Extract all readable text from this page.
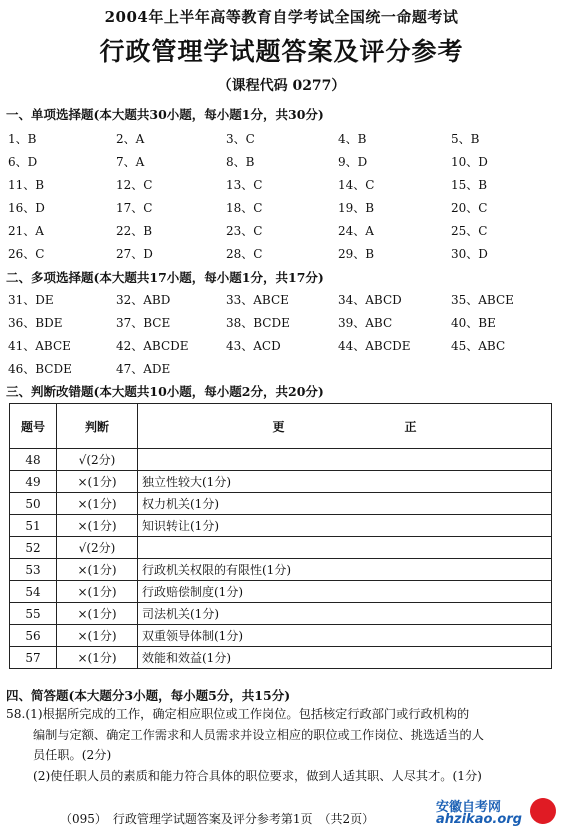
2004年上半年高等教育自学考试全国统一命题考试
行政管理学试题答案及评分参考
（课程代码 0277）
一、单项选择题(本大题共30小题，每小题1分，共30分)
1、B	2、A	3、C	4、B	5、B
6、D	7、A	8、B	9、D	10、D
11、B	12、C	13、C	14、C	15、B
16、D	17、C	18、C	19、B	20、C
21、A	22、B	23、C	24、A	25、C
26、C	27、D	28、C	29、B	30、D
二、多项选择题(本大题共17小题，每小题1分，共17分)
31、DE	32、ABD	33、ABCE	34、ABCD	35、ABCE
36、BDE	37、BCE	38、BCDE	39、ABC	40、BE
41、ABCE	42、ABCDE	43、ACD	44、ABCDE	45、ABC
46、BCDE	47、ADE
三、判断改错题(本大题共10小题，每小题2分，共20分)
题号	判断	更　　　　　　　　　　正
48	√(2分)	
49	×(1分)	独立性较大(1分)
50	×(1分)	权力机关(1分)
51	×(1分)	知识转让(1分)
52	√(2分)	
53	×(1分)	行政机关权限的有限性(1分)
54	×(1分)	行政赔偿制度(1分)
55	×(1分)	司法机关(1分)
56	×(1分)	双重领导体制(1分)
57	×(1分)	效能和效益(1分)
四、简答题(本大题分3小题，每小题5分，共15分)
58.(1)根据所完成的工作，确定相应职位或工作岗位。包括核定行政部门或行政机构的
编制与定额、确定工作需求和人员需求并设立相应的职位或工作岗位、挑选适当的人
员任职。(2分)
(2)使任职人员的素质和能力符合具体的职位要求，做到人适其职、人尽其才。(1分)
（095）　行政管理学试题答案及评分参考第1页　（共2页）
安徽自考网
ahzikao.org
